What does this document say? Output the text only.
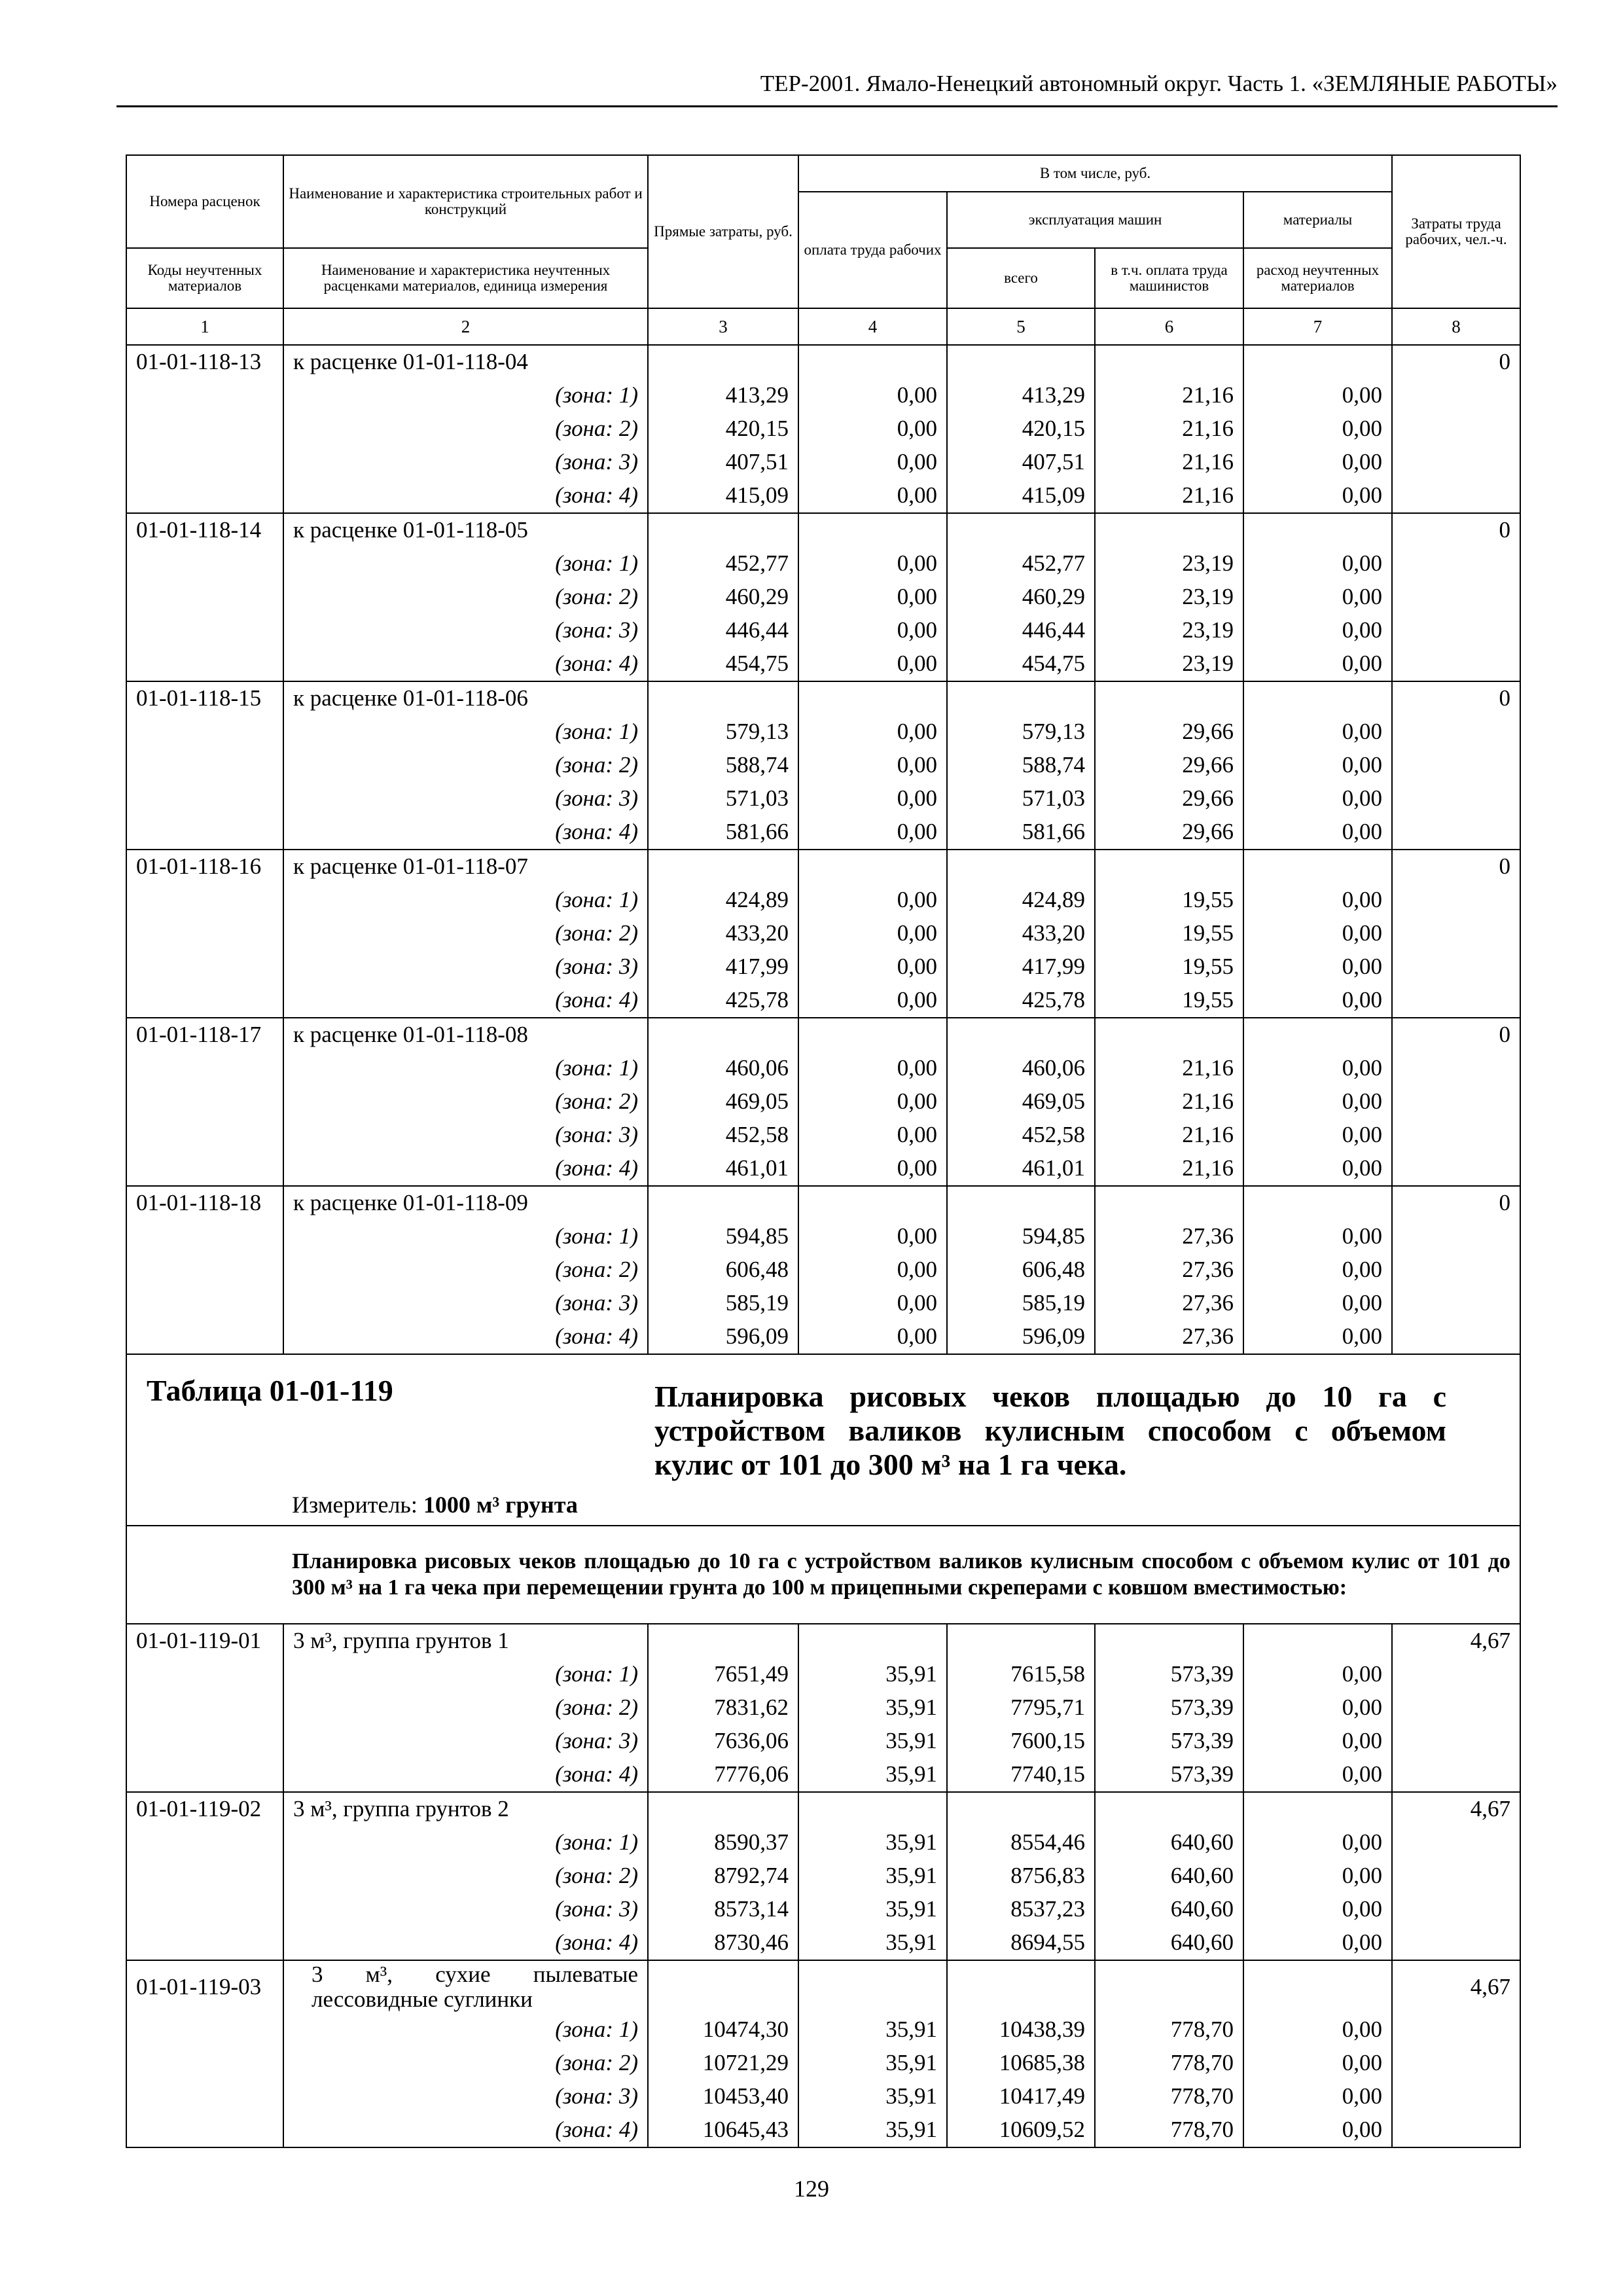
ТЕР-2001. Ямало-Ненецкий автономный округ. Часть 1. «ЗЕМЛЯНЫЕ РАБОТЫ»
Номера расценок	Наименование и характеристика строительных работ и конструкций	Прямые затраты, руб.	В том числе, руб.				Затраты труда рабочих, чел.-ч.
			оплата труда рабочих	эксплуатация машин		материалы	
Коды неучтенных материалов	Наименование и характеристика неучтенных расценками материалов, единица измерения			всего	в т.ч. оплата труда машинистов	расход неучтенных материалов	
1	2	3	4	5	6	7	8
01-01-118-13	к расценке 01-01-118-04						0
	(зона: 1)	413,29	0,00	413,29	21,16	0,00	
	(зона: 2)	420,15	0,00	420,15	21,16	0,00	
	(зона: 3)	407,51	0,00	407,51	21,16	0,00	
	(зона: 4)	415,09	0,00	415,09	21,16	0,00	
01-01-118-14	к расценке 01-01-118-05						0
	(зона: 1)	452,77	0,00	452,77	23,19	0,00	
	(зона: 2)	460,29	0,00	460,29	23,19	0,00	
	(зона: 3)	446,44	0,00	446,44	23,19	0,00	
	(зона: 4)	454,75	0,00	454,75	23,19	0,00	
01-01-118-15	к расценке 01-01-118-06						0
	(зона: 1)	579,13	0,00	579,13	29,66	0,00	
	(зона: 2)	588,74	0,00	588,74	29,66	0,00	
	(зона: 3)	571,03	0,00	571,03	29,66	0,00	
	(зона: 4)	581,66	0,00	581,66	29,66	0,00	
01-01-118-16	к расценке 01-01-118-07						0
	(зона: 1)	424,89	0,00	424,89	19,55	0,00	
	(зона: 2)	433,20	0,00	433,20	19,55	0,00	
	(зона: 3)	417,99	0,00	417,99	19,55	0,00	
	(зона: 4)	425,78	0,00	425,78	19,55	0,00	
01-01-118-17	к расценке 01-01-118-08						0
	(зона: 1)	460,06	0,00	460,06	21,16	0,00	
	(зона: 2)	469,05	0,00	469,05	21,16	0,00	
	(зона: 3)	452,58	0,00	452,58	21,16	0,00	
	(зона: 4)	461,01	0,00	461,01	21,16	0,00	
01-01-118-18	к расценке 01-01-118-09						0
	(зона: 1)	594,85	0,00	594,85	27,36	0,00	
	(зона: 2)	606,48	0,00	606,48	27,36	0,00	
	(зона: 3)	585,19	0,00	585,19	27,36	0,00	
	(зона: 4)	596,09	0,00	596,09	27,36	0,00	

Таблица 01-01-119 Планировка рисовых чеков площадью до 10 га с устройством валиков кулисным способом с объемом кулис от 101 до 300 м³ на 1 га чека.
Измеритель: 1000 м³ грунта							

Планировка рисовых чеков площадью до 10 га с устройством валиков кулисным способом с объемом кулис от 101 до 300 м³ на 1 га чека при перемещении грунта до 100 м прицепными скреперами с ковшом вместимостью:							
01-01-119-01	3 м³, группа грунтов 1						4,67
	(зона: 1)	7651,49	35,91	7615,58	573,39	0,00	
	(зона: 2)	7831,62	35,91	7795,71	573,39	0,00	
	(зона: 3)	7636,06	35,91	7600,15	573,39	0,00	
	(зона: 4)	7776,06	35,91	7740,15	573,39	0,00	
01-01-119-02	3 м³, группа грунтов 2						4,67
	(зона: 1)	8590,37	35,91	8554,46	640,60	0,00	
	(зона: 2)	8792,74	35,91	8756,83	640,60	0,00	
	(зона: 3)	8573,14	35,91	8537,23	640,60	0,00	
	(зона: 4)	8730,46	35,91	8694,55	640,60	0,00	
01-01-119-03	3 м³, сухие пылеватые лессовидные суглинки						4,67
	(зона: 1)	10474,30	35,91	10438,39	778,70	0,00	
	(зона: 2)	10721,29	35,91	10685,38	778,70	0,00	
	(зона: 3)	10453,40	35,91	10417,49	778,70	0,00	
	(зона: 4)	10645,43	35,91	10609,52	778,70	0,00	
129
